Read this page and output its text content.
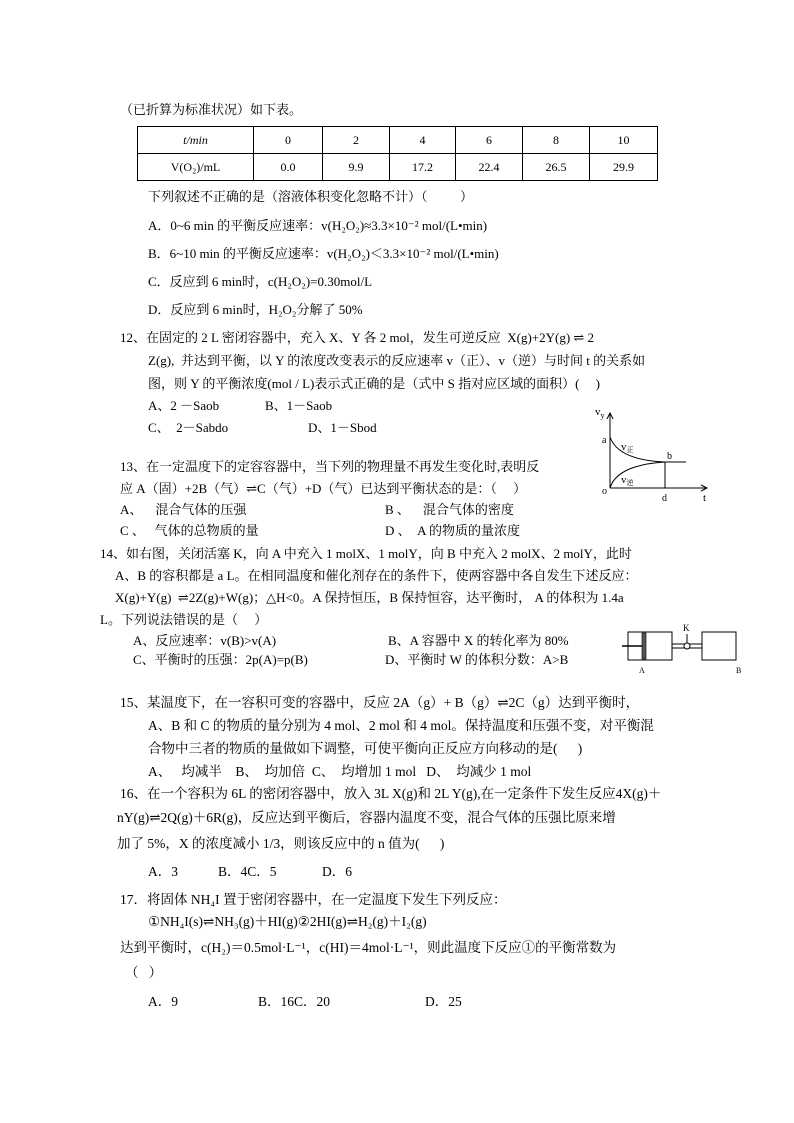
（已折算为标准状况）如下表。
t/min	0	2	4	6	8	10
V(O₂)/mL	0.0	9.9	17.2	22.4	26.5	29.9
下列叙述不正确的是（溶液体积变化忽略不计）（          ）
A．0~6 min 的平衡反应速率：v(H₂O₂)≈3.3×10⁻² mol/(L•min)
B．6~10 min 的平衡反应速率：v(H₂O₂)＜3.3×10⁻² mol/(L•min)
C．反应到 6 min时，c(H₂O₂)=0.30mol/L
D．反应到 6 min时，H₂O₂分解了 50%
12、在固定的 2 L 密闭容器中，充入 X、Y 各 2 mol，发生可逆反应  X(g)+2Y(g) ⇌ 2
Z(g),  并达到平衡，以 Y 的浓度改变表示的反应速率 v（正）、v（逆）与时间 t 的关系如
图，则 Y 的平衡浓度(mol / L)表示式正确的是（式中 S 指对应区域的面积）(     )
A、2 －Saob	B、1－Saob
C、  2－Sabdo	D、1－Sbod
$v_y$
a
v正
b
v逆
o
d	t
13、在一定温度下的定容容器中，当下列的物理量不再发生变化时,表明反
应 A（固）+2B（气）⇌C（气）+D（气）已达到平衡状态的是：（     ）
A、    混合气体的压强	B 、    混合气体的密度
C 、   气体的总物质的量	D 、  A 的物质的量浓度
14、如右图，关闭活塞 K，向 A 中充入 1 molX、1 molY，向 B 中充入 2 molX、2 molY，此时
A、B 的容积都是 a L。在相同温度和催化剂存在的条件下，使两容器中各自发生下述反应：
X(g)+Y(g)  ⇌2Z(g)+W(g)；△H<0。A 保持恒压，B 保持恒容，达平衡时， A 的体积为 1.4a
L。下列说法错误的是（     ）
A、反应速率：v(B)>v(A)	B、A 容器中 X 的转化率为 80%
C、平衡时的压强：2p(A)=p(B)	D、平衡时 W 的体积分数：A>B
K
A	B
15、某温度下，在一容积可变的容器中，反应 2A（g）+ B（g）⇌2C（g）达到平衡时，
A、B 和 C 的物质的量分别为 4 mol、2 mol 和 4 mol。保持温度和压强不变，对平衡混
合物中三者的物质的量做如下调整，可使平衡向正反应方向移动的是(      )
A、   均减半    B、  均加倍  C、  均增加 1 mol   D、  均减少 1 mol
16、在一个容积为 6L 的密闭容器中，放入 3L X(g)和 2L Y(g),在一定条件下发生反应4X(g)＋
nY(g)⇌2Q(g)＋6R(g)，反应达到平衡后，容器内温度不变，混合气体的压强比原来增
加了 5%，X 的浓度减小 1/3，则该反应中的 n 值为(      )
A．3	B．4C．5	D．6
17．将固体 NH₄I 置于密闭容器中，在一定温度下发生下列反应：
①NH₄I(s)⇌NH₃(g)＋HI(g)②2HI(g)⇌H₂(g)＋I₂(g)
达到平衡时，c(H₂)＝0.5mol·L⁻¹，c(HI)＝4mol·L⁻¹，则此温度下反应①的平衡常数为
（   ）
A．9	B．16C．20	D．25
